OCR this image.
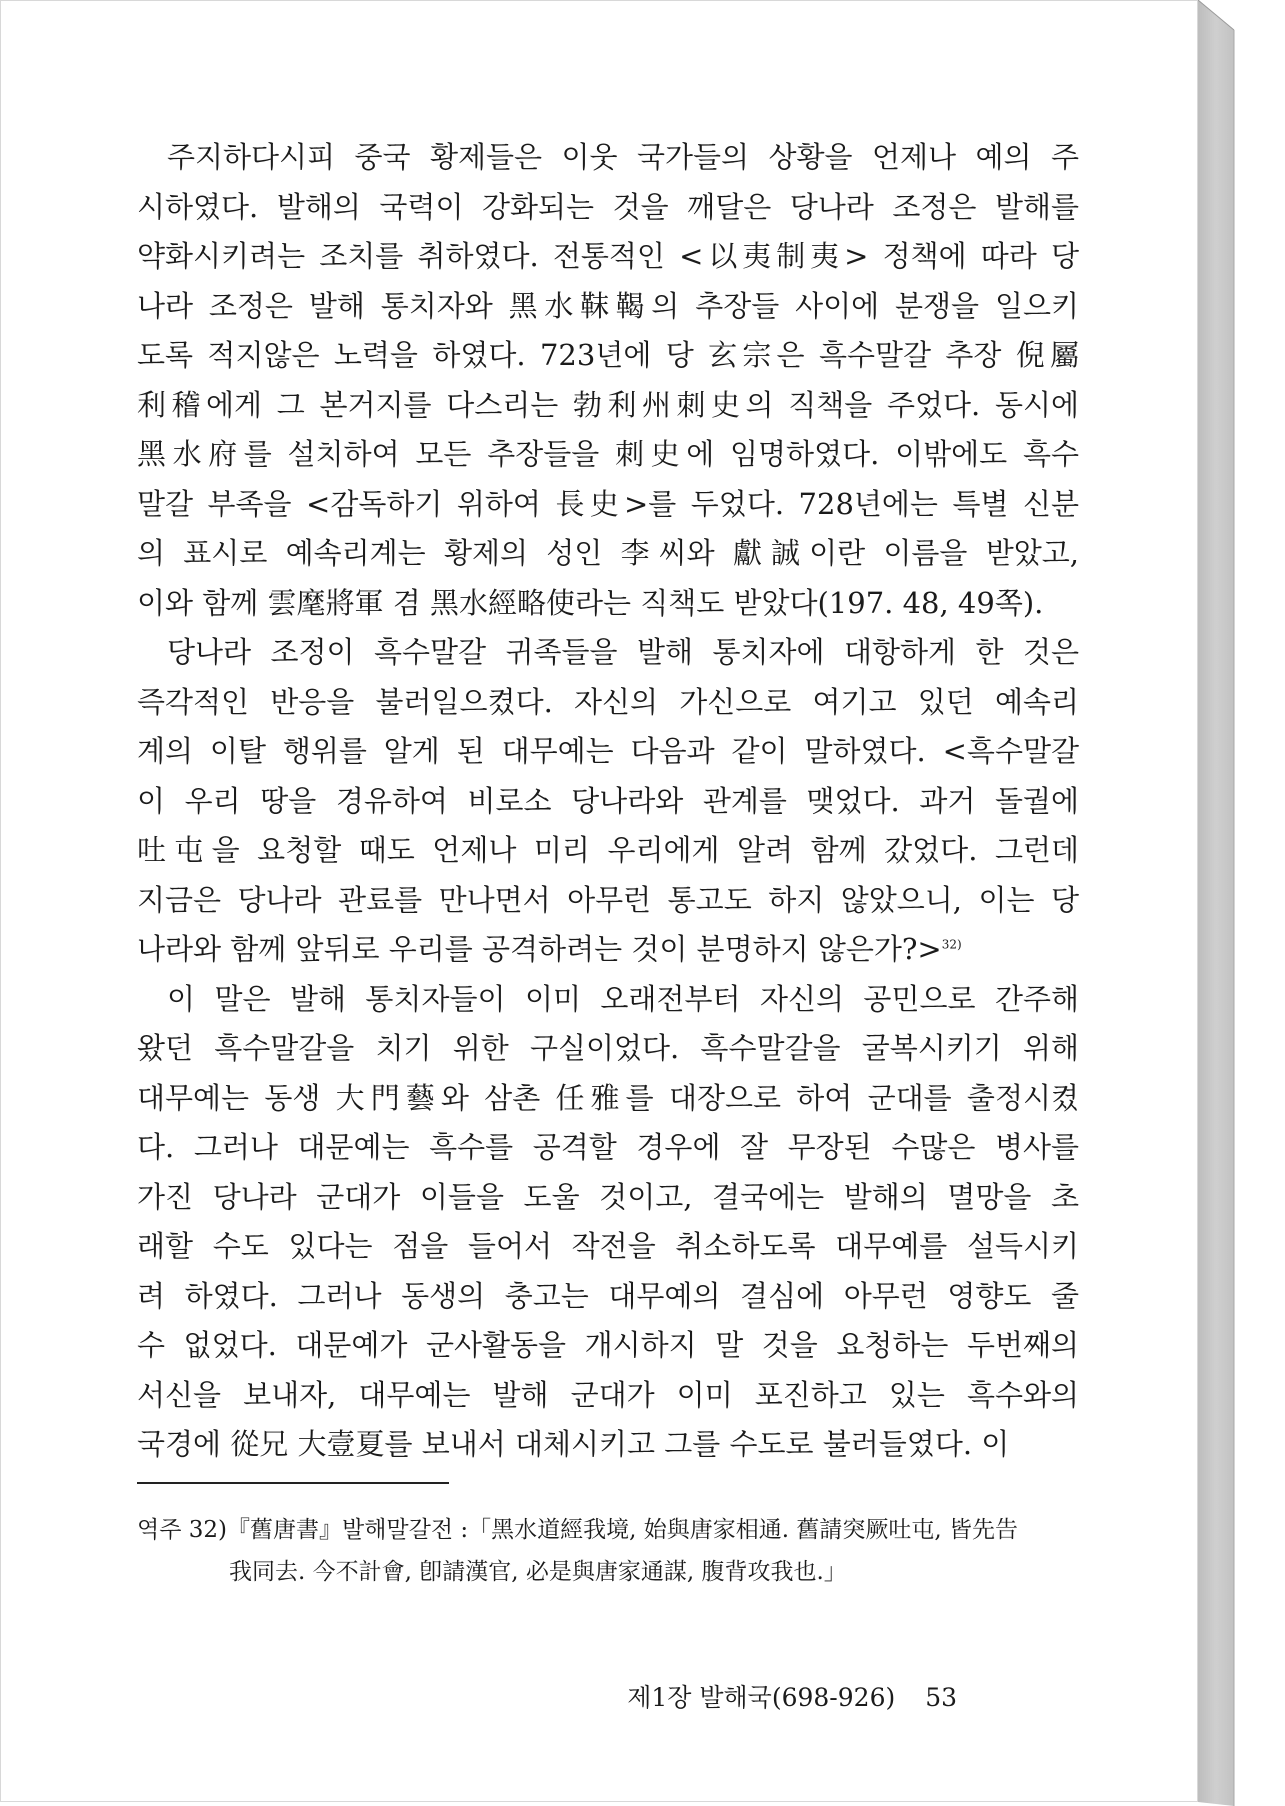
주지하다시피 중국 황제들은 이웃 국가들의 상황을 언제나 예의 주
시하였다. 발해의 국력이 강화되는 것을 깨달은 당나라 조정은 발해를
약화시키려는 조치를 취하였다. 전통적인 <以夷制夷> 정책에 따라 당
나라 조정은 발해 통치자와 黑水靺鞨의 추장들 사이에 분쟁을 일으키
도록 적지않은 노력을 하였다. 723년에 당 玄宗은 흑수말갈 추장 倪屬
利稽에게 그 본거지를 다스리는 勃利州刺史의 직책을 주었다. 동시에
黑水府를 설치하여 모든 추장들을 刺史에 임명하였다. 이밖에도 흑수
말갈 부족을 <감독하기 위하여 長史>를 두었다. 728년에는 특별 신분
의 표시로 예속리계는 황제의 성인 李씨와 獻誠이란 이름을 받았고,
이와 함께 雲麾將軍 겸 黑水經略使라는 직책도 받았다(197. 48, 49쪽).
당나라 조정이 흑수말갈 귀족들을 발해 통치자에 대항하게 한 것은
즉각적인 반응을 불러일으켰다. 자신의 가신으로 여기고 있던 예속리
계의 이탈 행위를 알게 된 대무예는 다음과 같이 말하였다. <흑수말갈
이 우리 땅을 경유하여 비로소 당나라와 관계를 맺었다. 과거 돌궐에
吐屯을 요청할 때도 언제나 미리 우리에게 알려 함께 갔었다. 그런데
지금은 당나라 관료를 만나면서 아무런 통고도 하지 않았으니, 이는 당
나라와 함께 앞뒤로 우리를 공격하려는 것이 분명하지 않은가?>$^{32)}$
이 말은 발해 통치자들이 이미 오래전부터 자신의 공민으로 간주해
왔던 흑수말갈을 치기 위한 구실이었다. 흑수말갈을 굴복시키기 위해
대무예는 동생 大門藝와 삼촌 任雅를 대장으로 하여 군대를 출정시켰
다. 그러나 대문예는 흑수를 공격할 경우에 잘 무장된 수많은 병사를
가진 당나라 군대가 이들을 도울 것이고, 결국에는 발해의 멸망을 초
래할 수도 있다는 점을 들어서 작전을 취소하도록 대무예를 설득시키
려 하였다. 그러나 동생의 충고는 대무예의 결심에 아무런 영향도 줄
수 없었다. 대문예가 군사활동을 개시하지 말 것을 요청하는 두번째의
서신을 보내자, 대무예는 발해 군대가 이미 포진하고 있는 흑수와의
국경에 從兄 大壹夏를 보내서 대체시키고 그를 수도로 불러들였다. 이
역주 32)『舊唐書』발해말갈전 :「黑水道經我境, 始與唐家相通. 舊請突厥吐屯, 皆先告
我同去. 今不計會, 卽請漢官, 必是與唐家通謀, 腹背攻我也.」
제1장 발해국(698-926) 53
